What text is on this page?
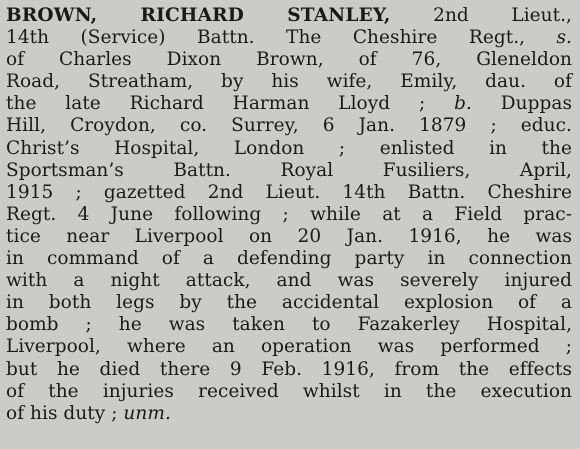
BROWN, RICHARD STANLEY, 2nd Lieut.,
14th (Service) Battn. The Cheshire Regt., s.
of Charles Dixon Brown, of 76, Gleneldon
Road, Streatham, by his wife, Emily, dau. of
the late Richard Harman Lloyd ; b. Duppas
Hill, Croydon, co. Surrey, 6 Jan. 1879 ; educ.
Christ’s Hospital, London ; enlisted in the
Sportsman’s Battn. Royal Fusiliers, April,
1915 ; gazetted 2nd Lieut. 14th Battn. Cheshire
Regt. 4 June following ; while at a Field prac-
tice near Liverpool on 20 Jan. 1916, he was
in command of a defending party in connection
with a night attack, and was severely injured
in both legs by the accidental explosion of a
bomb ; he was taken to Fazakerley Hospital,
Liverpool, where an operation was performed ;
but he died there 9 Feb. 1916, from the effects
of the injuries received whilst in the execution
of his duty ; unm.
